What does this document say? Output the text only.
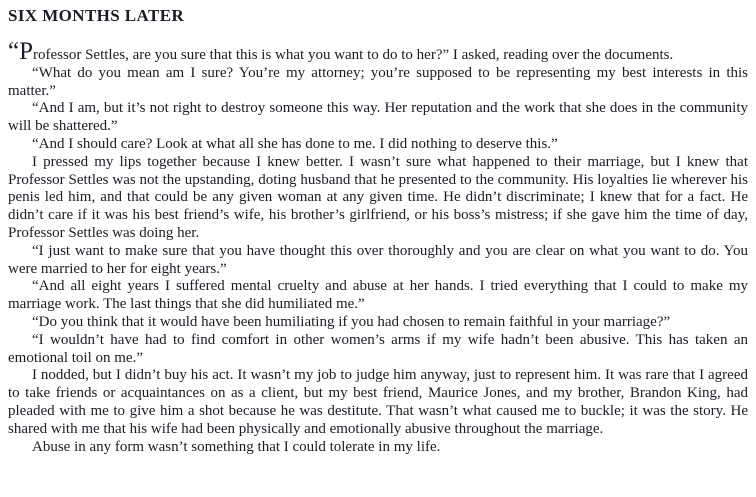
SIX MONTHS LATER

“Professor Settles, are you sure that this is what you want to do to her?” I asked, reading over the documents.

“What do you mean am I sure? You’re my attorney; you’re supposed to be representing my best interests in this matter.”

“And I am, but it’s not right to destroy someone this way. Her reputation and the work that she does in the community will be shattered.”

“And I should care? Look at what all she has done to me. I did nothing to deserve this.”

I pressed my lips together because I knew better. I wasn’t sure what happened to their marriage, but I knew that Professor Settles was not the upstanding, doting husband that he presented to the community. His loyalties lie wherever his penis led him, and that could be any given woman at any given time. He didn’t discriminate; I knew that for a fact. He didn’t care if it was his best friend’s wife, his brother’s girlfriend, or his boss’s mistress; if she gave him the time of day, Professor Settles was doing her.

“I just want to make sure that you have thought this over thoroughly and you are clear on what you want to do. You were married to her for eight years.”

“And all eight years I suffered mental cruelty and abuse at her hands. I tried everything that I could to make my marriage work. The last things that she did humiliated me.”

“Do you think that it would have been humiliating if you had chosen to remain faithful in your marriage?”

“I wouldn’t have had to find comfort in other women’s arms if my wife hadn’t been abusive. This has taken an emotional toil on me.”

I nodded, but I didn’t buy his act. It wasn’t my job to judge him anyway, just to represent him. It was rare that I agreed to take friends or acquaintances on as a client, but my best friend, Maurice Jones, and my brother, Brandon King, had pleaded with me to give him a shot because he was destitute. That wasn’t what caused me to buckle; it was the story. He shared with me that his wife had been physically and emotionally abusive throughout the marriage.

Abuse in any form wasn’t something that I could tolerate in my life.
